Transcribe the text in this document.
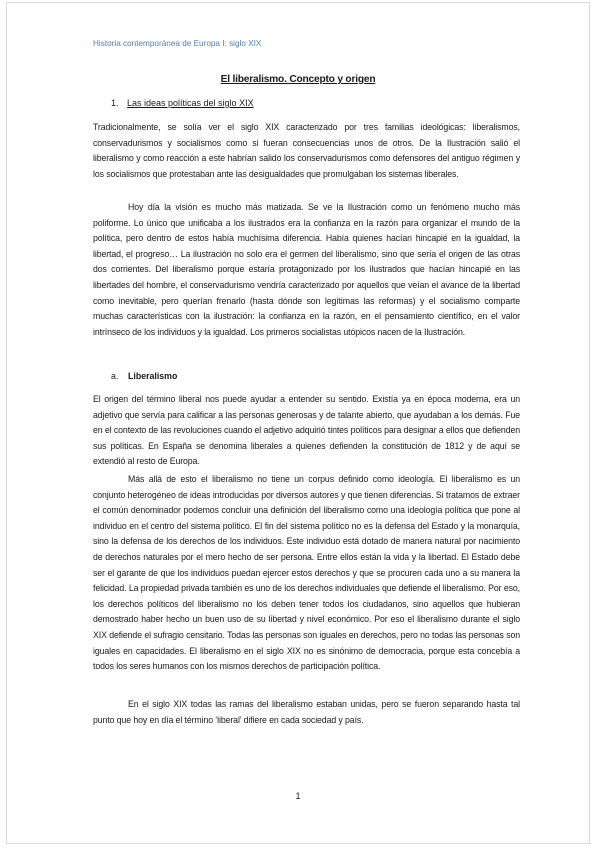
Historia contemporánea de Europa I: siglo XIX
El liberalismo. Concepto y origen
1. Las ideas políticas del siglo XIX

Tradicionalmente, se solía ver el siglo XIX caracterizado por tres familias ideológicas: liberalismos, conservadurismos y socialismos como si fueran consecuencias unos de otros. De la Ilustración salió el liberalismo y como reacción a este habrían salido los conservadurismos como defensores del antiguo régimen y los socialismos que protestaban ante las desigualdades que promulgaban los sistemas liberales.

Hoy día la visión es mucho más matizada. Se ve la Ilustración como un fenómeno mucho más poliforme. Lo único que unificaba a los ilustrados era la confianza en la razón para organizar el mundo de la política, pero dentro de estos había muchísima diferencia. Había quienes hacían hincapié en la igualdad, la libertad, el progreso… La ilustración no solo era el germen del liberalismo, sino que sería el origen de las otras dos corrientes. Del liberalismo porque estaría protagonizado por los ilustrados que hacían hincapié en las libertades del hombre, el conservadurismo vendría caracterizado por aquellos que veían el avance de la libertad como inevitable, pero querían frenarlo (hasta dónde son legítimas las reformas) y el socialismo comparte muchas características con la ilustración: la confianza en la razón, en el pensamiento científico, en el valor intrínseco de los individuos y la igualdad. Los primeros socialistas utópicos nacen de la Ilustración.

a. Liberalismo

El origen del término liberal nos puede ayudar a entender su sentido. Existía ya en época moderna, era un adjetivo que servía para calificar a las personas generosas y de talante abierto, que ayudaban a los demás. Fue en el contexto de las revoluciones cuando el adjetivo adquirió tintes políticos para designar a ellos que defienden sus políticas. En España se denomina liberales a quienes defienden la constitución de 1812 y de aquí se extendió al resto de Europa.

Más allá de esto el liberalismo no tiene un corpus definido como ideología. El liberalismo es un conjunto heterogéneo de ideas introducidas por diversos autores y que tienen diferencias. Si tratamos de extraer el común denominador podemos concluir una definición del liberalismo como una ideología política que pone al individuo en el centro del sistema político. El fin del sistema político no es la defensa del Estado y la monarquía, sino la defensa de los derechos de los individuos. Este individuo está dotado de manera natural por nacimiento de derechos naturales por el mero hecho de ser persona. Entre ellos están la vida y la libertad. El Estado debe ser el garante de que los individuos puedan ejercer estos derechos y que se procuren cada uno a su manera la felicidad. La propiedad privada también es uno de los derechos individuales que defiende el liberalismo. Por eso, los derechos políticos del liberalismo no los deben tener todos los ciudadanos, sino aquellos que hubieran demostrado haber hecho un buen uso de su libertad y nivel económico. Por eso el liberalismo durante el siglo XIX defiende el sufragio censitario. Todas las personas son iguales en derechos, pero no todas las personas son iguales en capacidades. El liberalismo en el siglo XIX no es sinónimo de democracia, porque esta concebía a todos los seres humanos con los mismos derechos de participación política.

En el siglo XIX todas las ramas del liberalismo estaban unidas, pero se fueron separando hasta tal punto que hoy en día el término ‘liberal’ difiere en cada sociedad y país.

1
